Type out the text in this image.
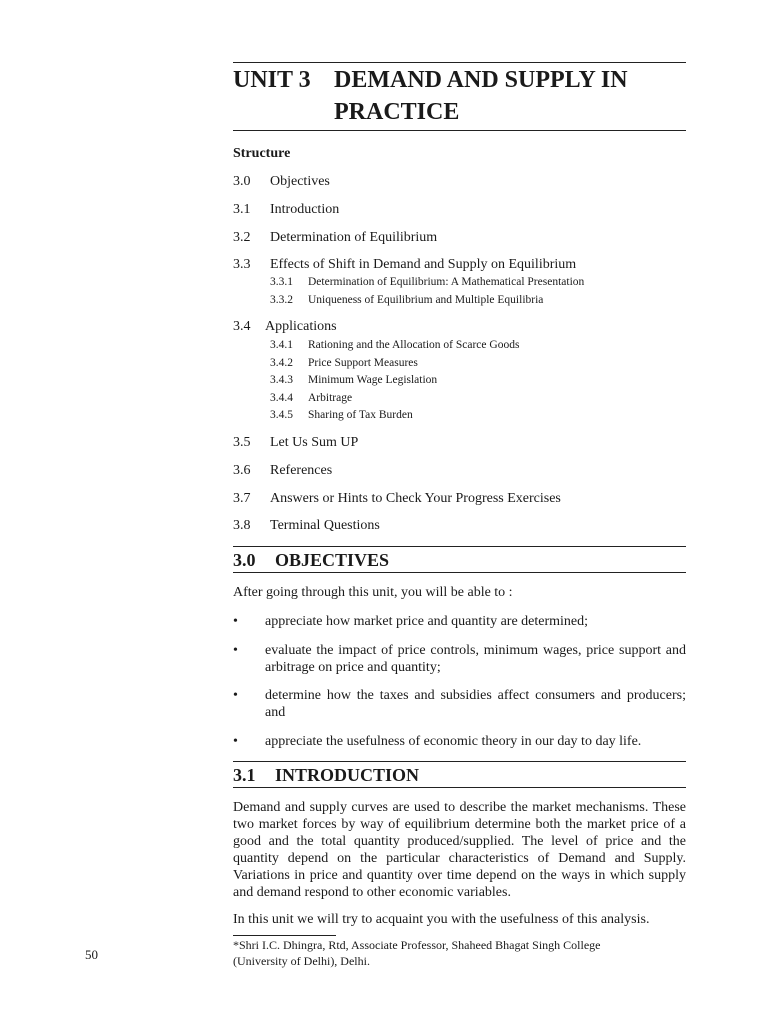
UNIT 3 DEMAND AND SUPPLY IN PRACTICE
Structure
3.0 Objectives
3.1 Introduction
3.2 Determination of Equilibrium
3.3 Effects of Shift in Demand and Supply on Equilibrium
3.3.1 Determination of Equilibrium: A Mathematical Presentation
3.3.2 Uniqueness of Equilibrium and Multiple Equilibria
3.4 Applications
3.4.1 Rationing and the Allocation of Scarce Goods
3.4.2 Price Support Measures
3.4.3 Minimum Wage Legislation
3.4.4 Arbitrage
3.4.5 Sharing of Tax Burden
3.5 Let Us Sum UP
3.6 References
3.7 Answers or Hints to Check Your Progress Exercises
3.8 Terminal Questions
3.0 OBJECTIVES
After going through this unit, you will be able to :
• appreciate how market price and quantity are determined;
• evaluate the impact of price controls, minimum wages, price support and arbitrage on price and quantity;
• determine how the taxes and subsidies affect consumers and producers; and
• appreciate the usefulness of economic theory in our day to day life.
3.1 INTRODUCTION
Demand and supply curves are used to describe the market mechanisms. These two market forces by way of equilibrium determine both the market price of a good and the total quantity produced/supplied. The level of price and the quantity depend on the particular characteristics of Demand and Supply. Variations in price and quantity over time depend on the ways in which supply and demand respond to other economic variables.
In this unit we will try to acquaint you with the usefulness of this analysis.
*Shri I.C. Dhingra, Rtd, Associate Professor, Shaheed Bhagat Singh College
(University of Delhi), Delhi.
50
